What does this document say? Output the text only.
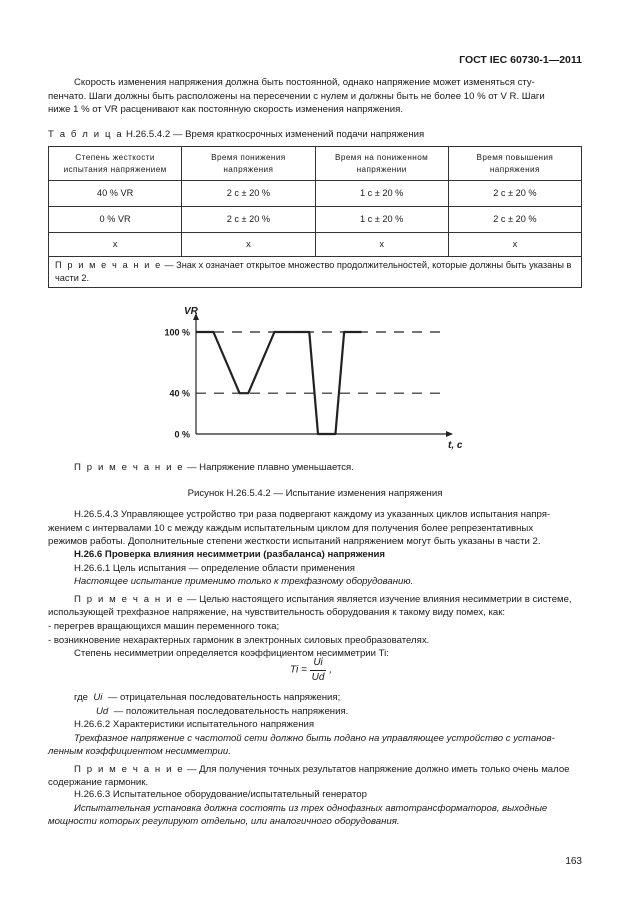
ГОСТ IEC 60730-1—2011

Скорость изменения напряжения должна быть постоянной, однако напряжение может изменяться сту-

пенчато. Шаги должны быть расположены на пересечении с нулем и должны быть не более 10 % от V R. Шаги

ниже 1 % от VR расценивают как постоянную скорость изменения напряжения.

Т а б л и ц а Н.26.5.4.2 — Время краткосрочных изменений подачи напряжения
Степень жесткости испытания напряжением	Время понижения напряжения	Время на пониженном напряжении	Время повышения напряжения
40 % VR	2 с ± 20 %	1 с ± 20 %	2 с ± 20 %
0 % VR	2 с ± 20 %	1 с ± 20 %	2 с ± 20 %
x	x	x	x
П р и м е ч а н и е — Знак x означает открытое множество продолжительностей, которые должны быть указаны в части 2.			
100 %
40 %
0 %
VR
t, c

П р и м е ч а н и е — Напряжение плавно уменьшается.

Рисунок Н.26.5.4.2 — Испытание изменения напряжения

Н.26.5.4.3 Управляющее устройство три раза подвергают каждому из указанных циклов испытания напря-

жением с интервалами 10 с между каждым испытательным циклом для получения более репрезентативных

режимов работы. Дополнительные степени жесткости испытаний напряжением могут быть указаны в части 2.

Н.26.6 Проверка влияния несимметрии (разбаланса) напряжения

Н.26.6.1 Цель испытания — определение области применения

Настоящее испытание применимо только к трехфазному оборудованию.

П р и м е ч а н и е — Целью настоящего испытания является изучение влияния несимметрии в системе,

использующей трехфазное напряжение, на чувствительность оборудования к такому виду помех, как:

- перегрев вращающихся машин переменного тока;

- возникновение нехарактерных гармоник в электронных силовых преобразователях.

Степень несимметрии определяется коэффициентом несимметрии Ti:

$Ti = \frac{Ui}{Ud}$ ,

где Ui — отрицательная последовательность напряжения;

Ud — положительная последовательность напряжения.

Н.26.6.2 Характеристики испытательного напряжения

Трехфазное напряжение с частотой сети должно быть подано на управляющее устройство с установ-

ленным коэффициентом несимметрии.

П р и м е ч а н и е — Для получения точных результатов напряжение должно иметь только очень малое

содержание гармоник.

Н.26.6.3 Испытательное оборудование/испытательный генератор

Испытательная установка должна состоять из трех однофазных автотрансформаторов, выходные

мощности которых регулируют отдельно, или аналогичного оборудования.

163
